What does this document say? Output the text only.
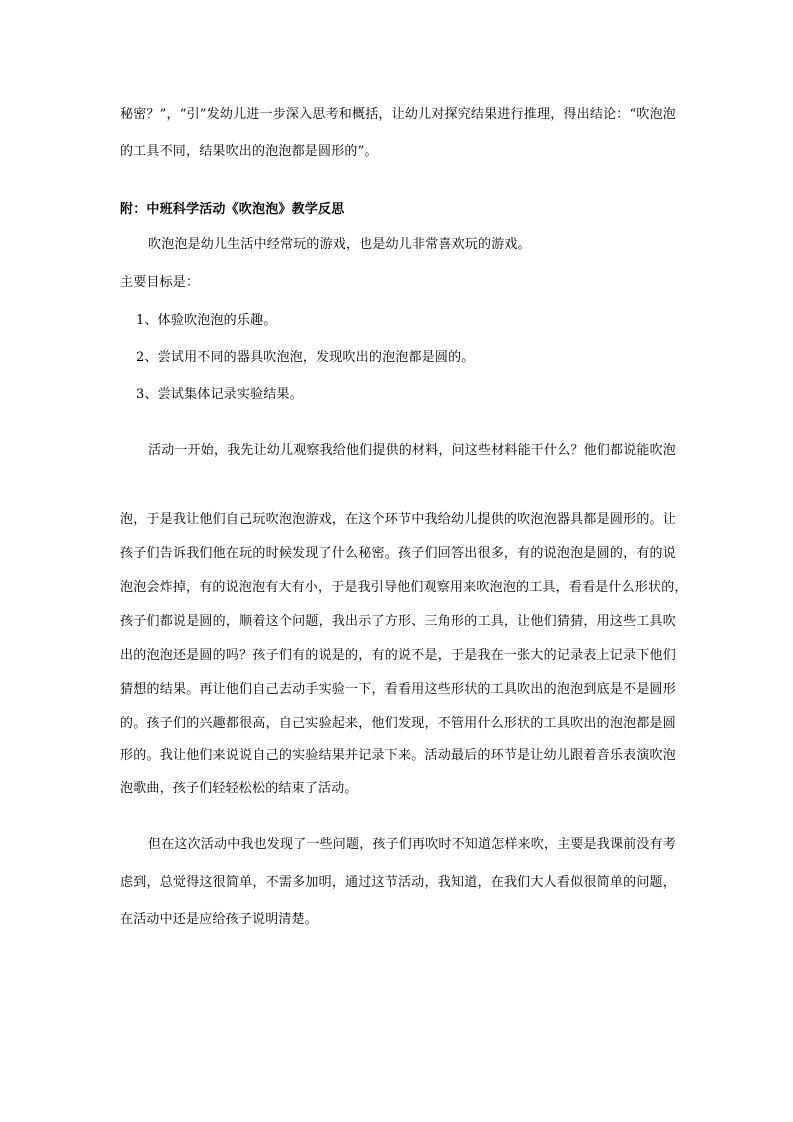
秘密？”，“引”发幼儿进一步深入思考和概括，让幼儿对探究结果进行推理，得出结论：“吹泡泡
的工具不同，结果吹出的泡泡都是圆形的”。
附：中班科学活动《吹泡泡》教学反思
吹泡泡是幼儿生活中经常玩的游戏，也是幼儿非常喜欢玩的游戏。
主要目标是：
1、体验吹泡泡的乐趣。
2、尝试用不同的器具吹泡泡，发现吹出的泡泡都是圆的。
3、尝试集体记录实验结果。
活动一开始，我先让幼儿观察我给他们提供的材料，问这些材料能干什么？他们都说能吹泡
泡，于是我让他们自己玩吹泡泡游戏，在这个环节中我给幼儿提供的吹泡泡器具都是圆形的。让
孩子们告诉我们他在玩的时候发现了什么秘密。孩子们回答出很多，有的说泡泡是圆的，有的说
泡泡会炸掉，有的说泡泡有大有小，于是我引导他们观察用来吹泡泡的工具，看看是什么形状的，
孩子们都说是圆的，顺着这个问题，我出示了方形、三角形的工具，让他们猜猜，用这些工具吹
出的泡泡还是圆的吗？孩子们有的说是的，有的说不是，于是我在一张大的记录表上记录下他们
猜想的结果。再让他们自己去动手实验一下，看看用这些形状的工具吹出的泡泡到底是不是圆形
的。孩子们的兴趣都很高，自己实验起来，他们发现，不管用什么形状的工具吹出的泡泡都是圆
形的。我让他们来说说自己的实验结果并记录下来。活动最后的环节是让幼儿跟着音乐表演吹泡
泡歌曲，孩子们轻轻松松的结束了活动。
但在这次活动中我也发现了一些问题，孩子们再吹时不知道怎样来吹，主要是我课前没有考
虑到，总觉得这很简单，不需多加明，通过这节活动，我知道，在我们大人看似很简单的问题，
在活动中还是应给孩子说明清楚。
